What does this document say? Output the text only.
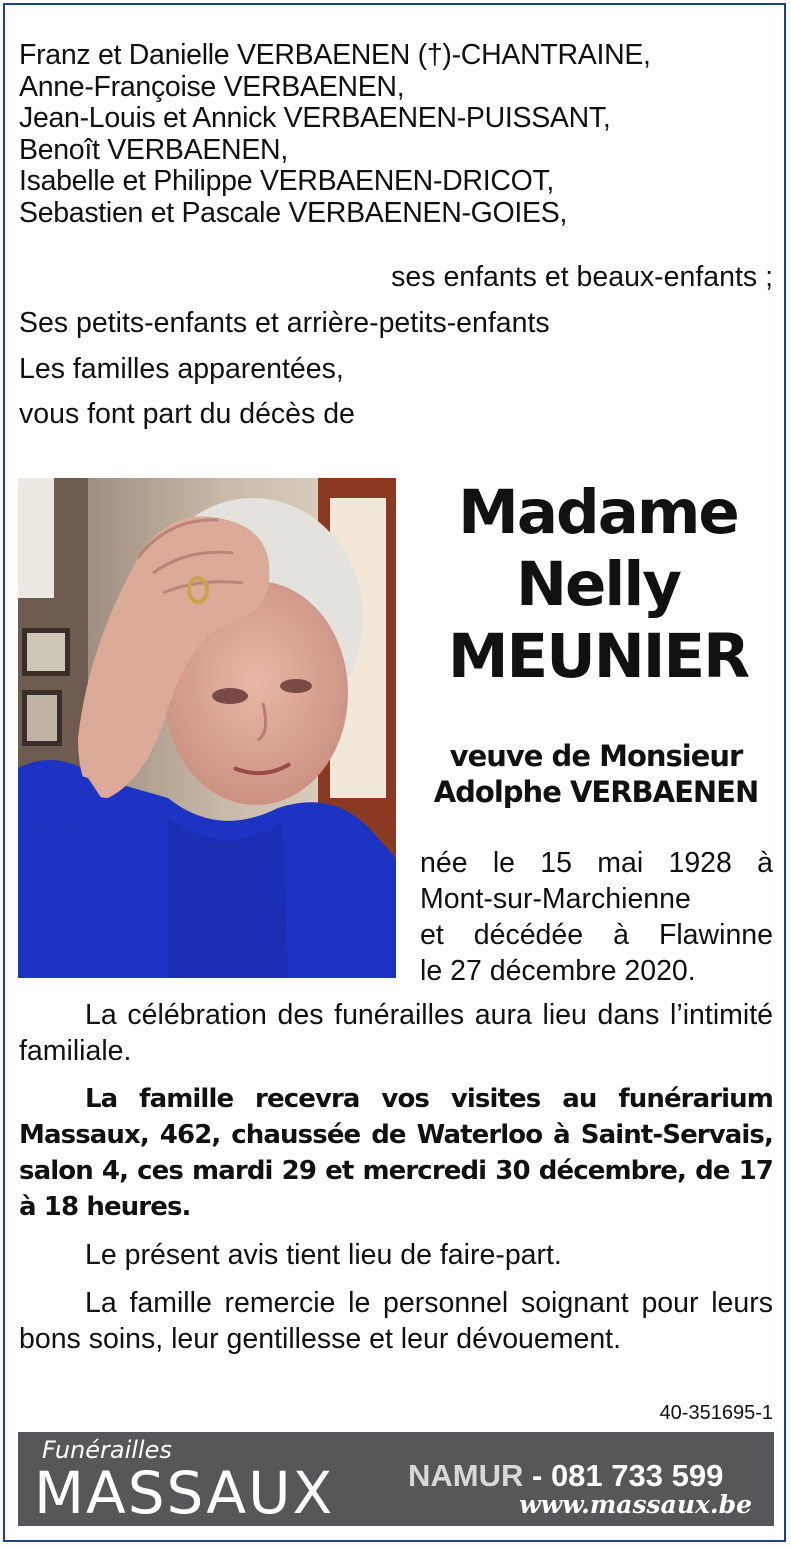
Franz et Danielle VERBAENEN (†)-CHANTRAINE,
Anne-Françoise VERBAENEN,
Jean-Louis et Annick VERBAENEN-PUISSANT,
Benoît VERBAENEN,
Isabelle et Philippe VERBAENEN-DRICOT,
Sebastien et Pascale VERBAENEN-GOIES,
ses enfants et beaux-enfants ;
Ses petits-enfants et arrière-petits-enfants
Les familles apparentées,
vous font part du décès de
Madame
Nelly
MEUNIER
veuve de Monsieur
Adolphe VERBAENEN
née le 15 mai 1928 à
Mont-sur-Marchienne
et décédée à Flawinne
le 27 décembre 2020.
La célébration des funérailles aura lieu dans l’intimité familiale.
La famille recevra vos visites au funérarium Massaux, 462, chaussée de Waterloo à Saint-Servais, salon 4, ces mardi 29 et mercredi 30 décembre, de 17 à 18 heures.
Le présent avis tient lieu de faire-part.
La famille remercie le personnel soignant pour leurs bons soins, leur gentillesse et leur dévouement.
40-351695-1
Funérailles
MASSAUX NAMUR - 081 733 599
www.massaux.be
